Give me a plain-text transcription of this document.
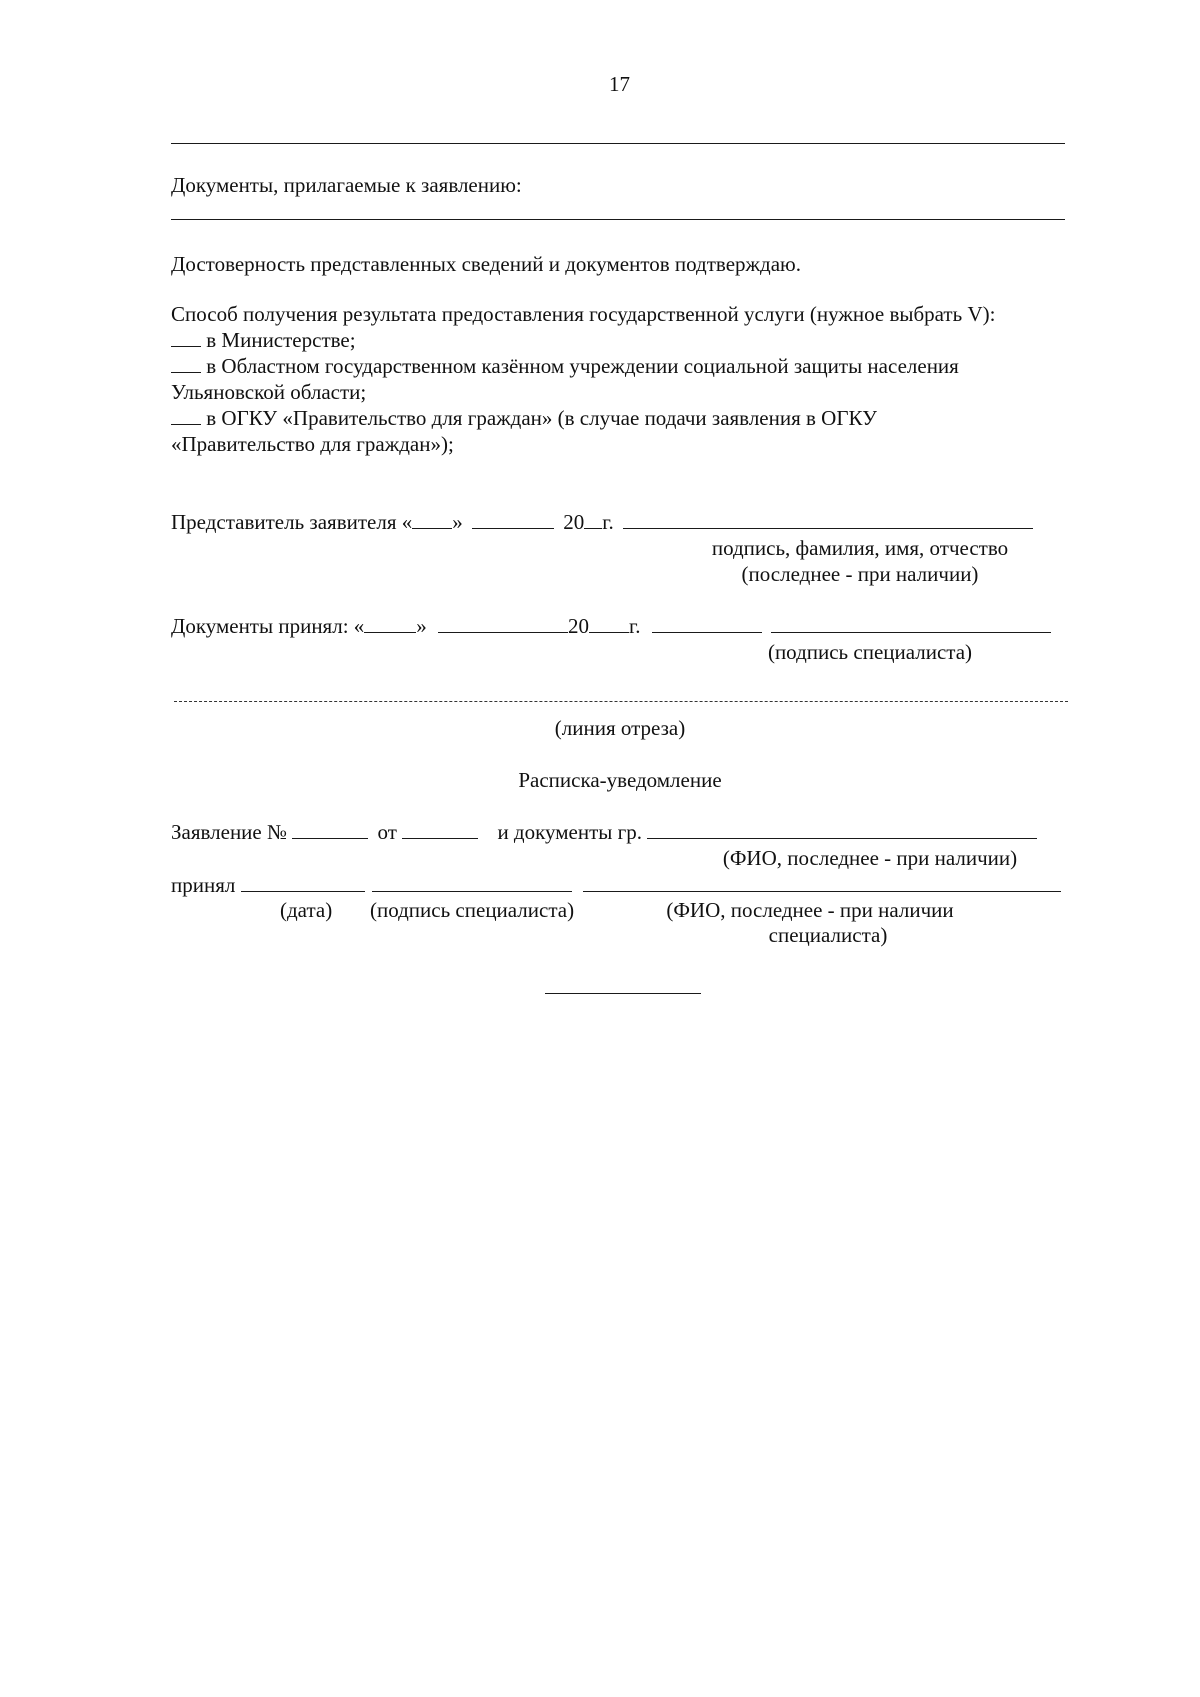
17
Документы, прилагаемые к заявлению:
Достоверность представленных сведений и документов подтверждаю.
Способ получения результата предоставления государственной услуги (нужное выбрать V):
в Министерстве;
в Областном государственном казённом учреждении социальной защиты населения
Ульяновской области;
в ОГКУ «Правительство для граждан» (в случае подачи заявления в ОГКУ
«Правительство для граждан»);
Представитель заявителя « »	20 г.
подпись, фамилия, имя, отчество
(последнее - при наличии)
Документы принял: « »	20 г.
(подпись специалиста)
(линия отреза)
Расписка-уведомление
Заявление №	от	и документы гр.
(ФИО, последнее - при наличии)
принял
(дата) (подпись специалиста)	(ФИО, последнее - при наличии
специалиста)
